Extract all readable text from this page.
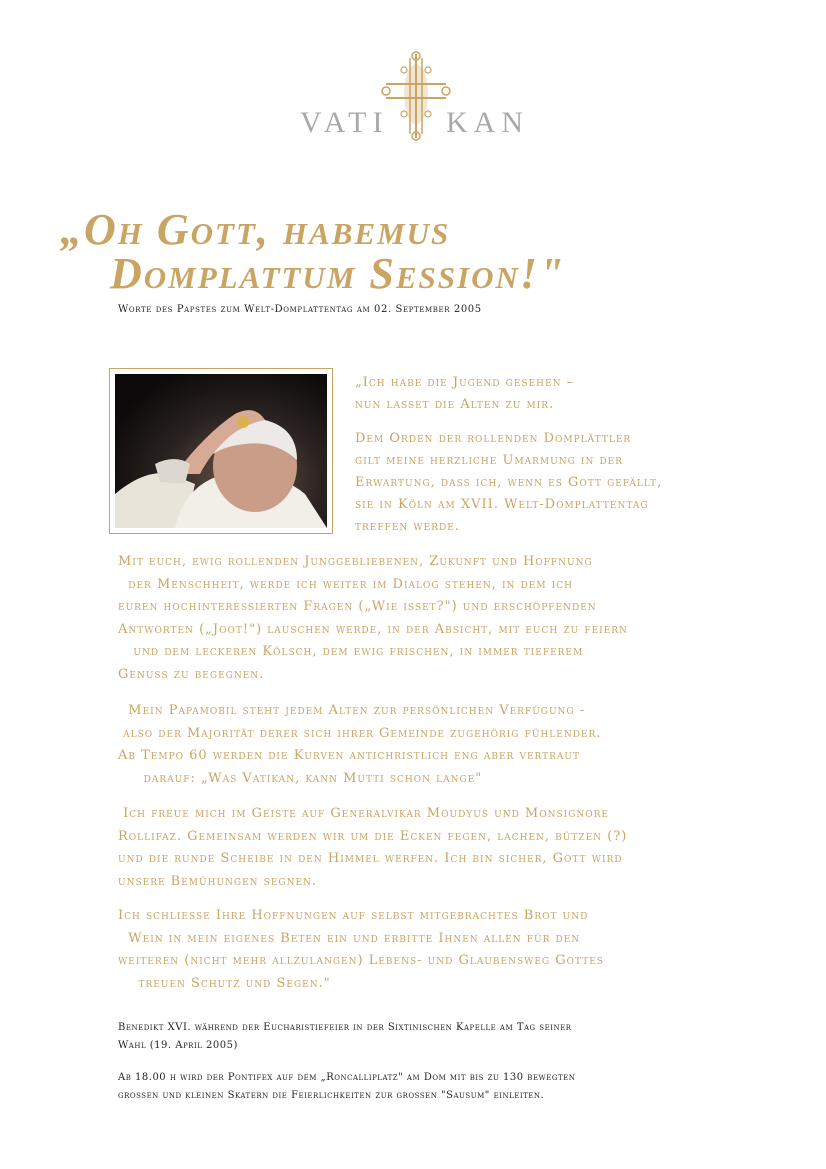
VATI KAN
„Oh Gott, habemus
Domplattum Session!"
Worte des Papstes zum Welt-Domplattentag am 02. September 2005
„Ich habe die Jugend gesehen –
nun lasset die Alten zu mir.
Dem Orden der rollenden Domplättler
gilt meine herzliche Umarmung in der
Erwartung, dass ich, wenn es Gott gefällt,
sie in Köln am XVII. Welt-Domplattentag
treffen werde.
Mit euch, ewig rollenden Junggebliebenen, Zukunft und Hoffnung
der Menschheit, werde ich weiter im Dialog stehen, in dem ich
euren hochinteressierten Fragen („Wie isset?") und erschöpfenden
Antworten („Joot!") lauschen werde, in der Absicht, mit euch zu feiern
und dem leckeren Kölsch, dem ewig frischen, in immer tieferem
Genuss zu begegnen.
Mein Papamobil steht jedem Alten zur persönlichen Verfügung -
also der Majorität derer sich ihrer Gemeinde zugehörig fühlender.
Ab Tempo 60 werden die Kurven antichristlich eng aber vertraut
darauf: „Was Vatikan, kann Mutti schon lange"
Ich freue mich im Geiste auf Generalvikar Moudyus und Monsignore
Rollifaz. Gemeinsam werden wir um die Ecken fegen, lachen, bützen (?)
und die runde Scheibe in den Himmel werfen. Ich bin sicher, Gott wird
unsere Bemühungen segnen.
Ich schliesse Ihre Hoffnungen auf selbst mitgebrachtes Brot und
Wein in mein eigenes Beten ein und erbitte Ihnen allen für den
weiteren (nicht mehr allzulangen) Lebens- und Glaubensweg Gottes
treuen Schutz und Segen."
Benedikt XVI. während der Eucharistiefeier in der Sixtinischen Kapelle am Tag seiner
Wahl (19. April 2005)
Ab 18.00 h wird der Pontifex auf dem „Roncalliplatz" am Dom mit bis zu 130 bewegten
grossen und kleinen Skatern die Feierlichkeiten zur grossen "Sausum" einleiten.
